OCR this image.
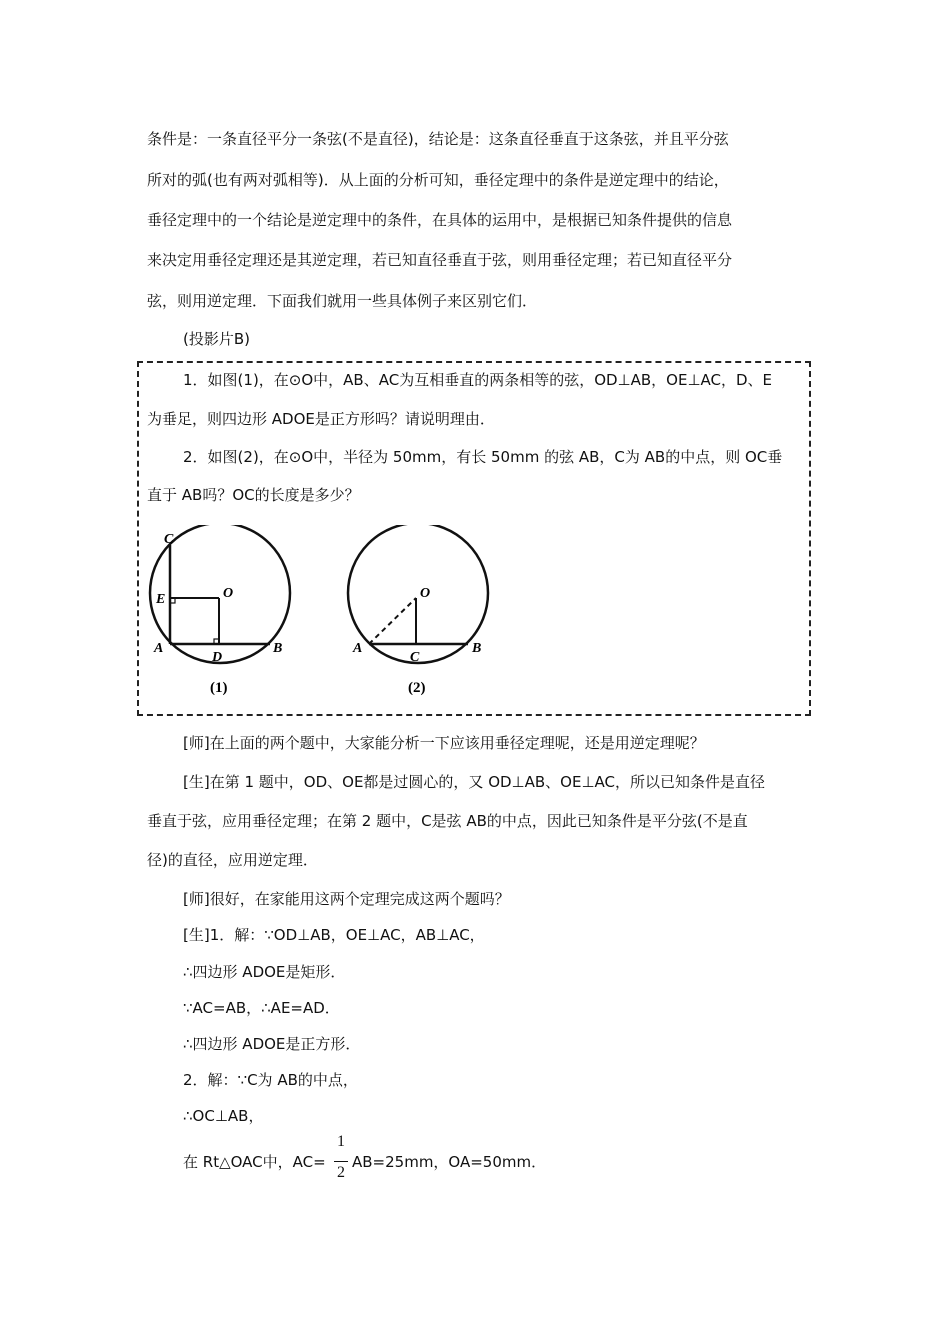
条件是：一条直径平分一条弦(不是直径)，结论是：这条直径垂直于这条弦，并且平分弦
所对的弧(也有两对弧相等)．从上面的分析可知，垂径定理中的条件是逆定理中的结论，
垂径定理中的一个结论是逆定理中的条件，在具体的运用中，是根据已知条件提供的信息
来决定用垂径定理还是其逆定理，若已知直径垂直于弦，则用垂径定理；若已知直径平分
弦，则用逆定理．下面我们就用一些具体例子来区别它们．
(投影片B)
1．如图(1)，在⊙O中，AB、AC为互相垂直的两条相等的弦，OD⊥AB，OE⊥AC，D、E
为垂足，则四边形 ADOE是正方形吗？请说明理由．
2．如图(2)，在⊙O中，半径为 50mm，有长 50mm 的弦 AB，C为 AB的中点，则 OC垂
直于 AB吗？OC的长度是多少？
C
E	O
A
D
B
(1)
O
A
C
B
(2)
[师]在上面的两个题中，大家能分析一下应该用垂径定理呢，还是用逆定理呢？
[生]在第 1 题中，OD、OE都是过圆心的，又 OD⊥AB、OE⊥AC，所以已知条件是直径
垂直于弦，应用垂径定理；在第 2 题中，C是弦 AB的中点，因此已知条件是平分弦(不是直
径)的直径，应用逆定理．
[师]很好，在家能用这两个定理完成这两个题吗？
[生]1．解：∵OD⊥AB，OE⊥AC，AB⊥AC，
∴四边形 ADOE是矩形．
∵AC=AB，∴AE=AD．
∴四边形 ADOE是正方形．
2．解：∵C为 AB的中点，
∴OC⊥AB，
在 Rt△OAC中，AC=
1
2
AB=25mm，OA=50mm．
